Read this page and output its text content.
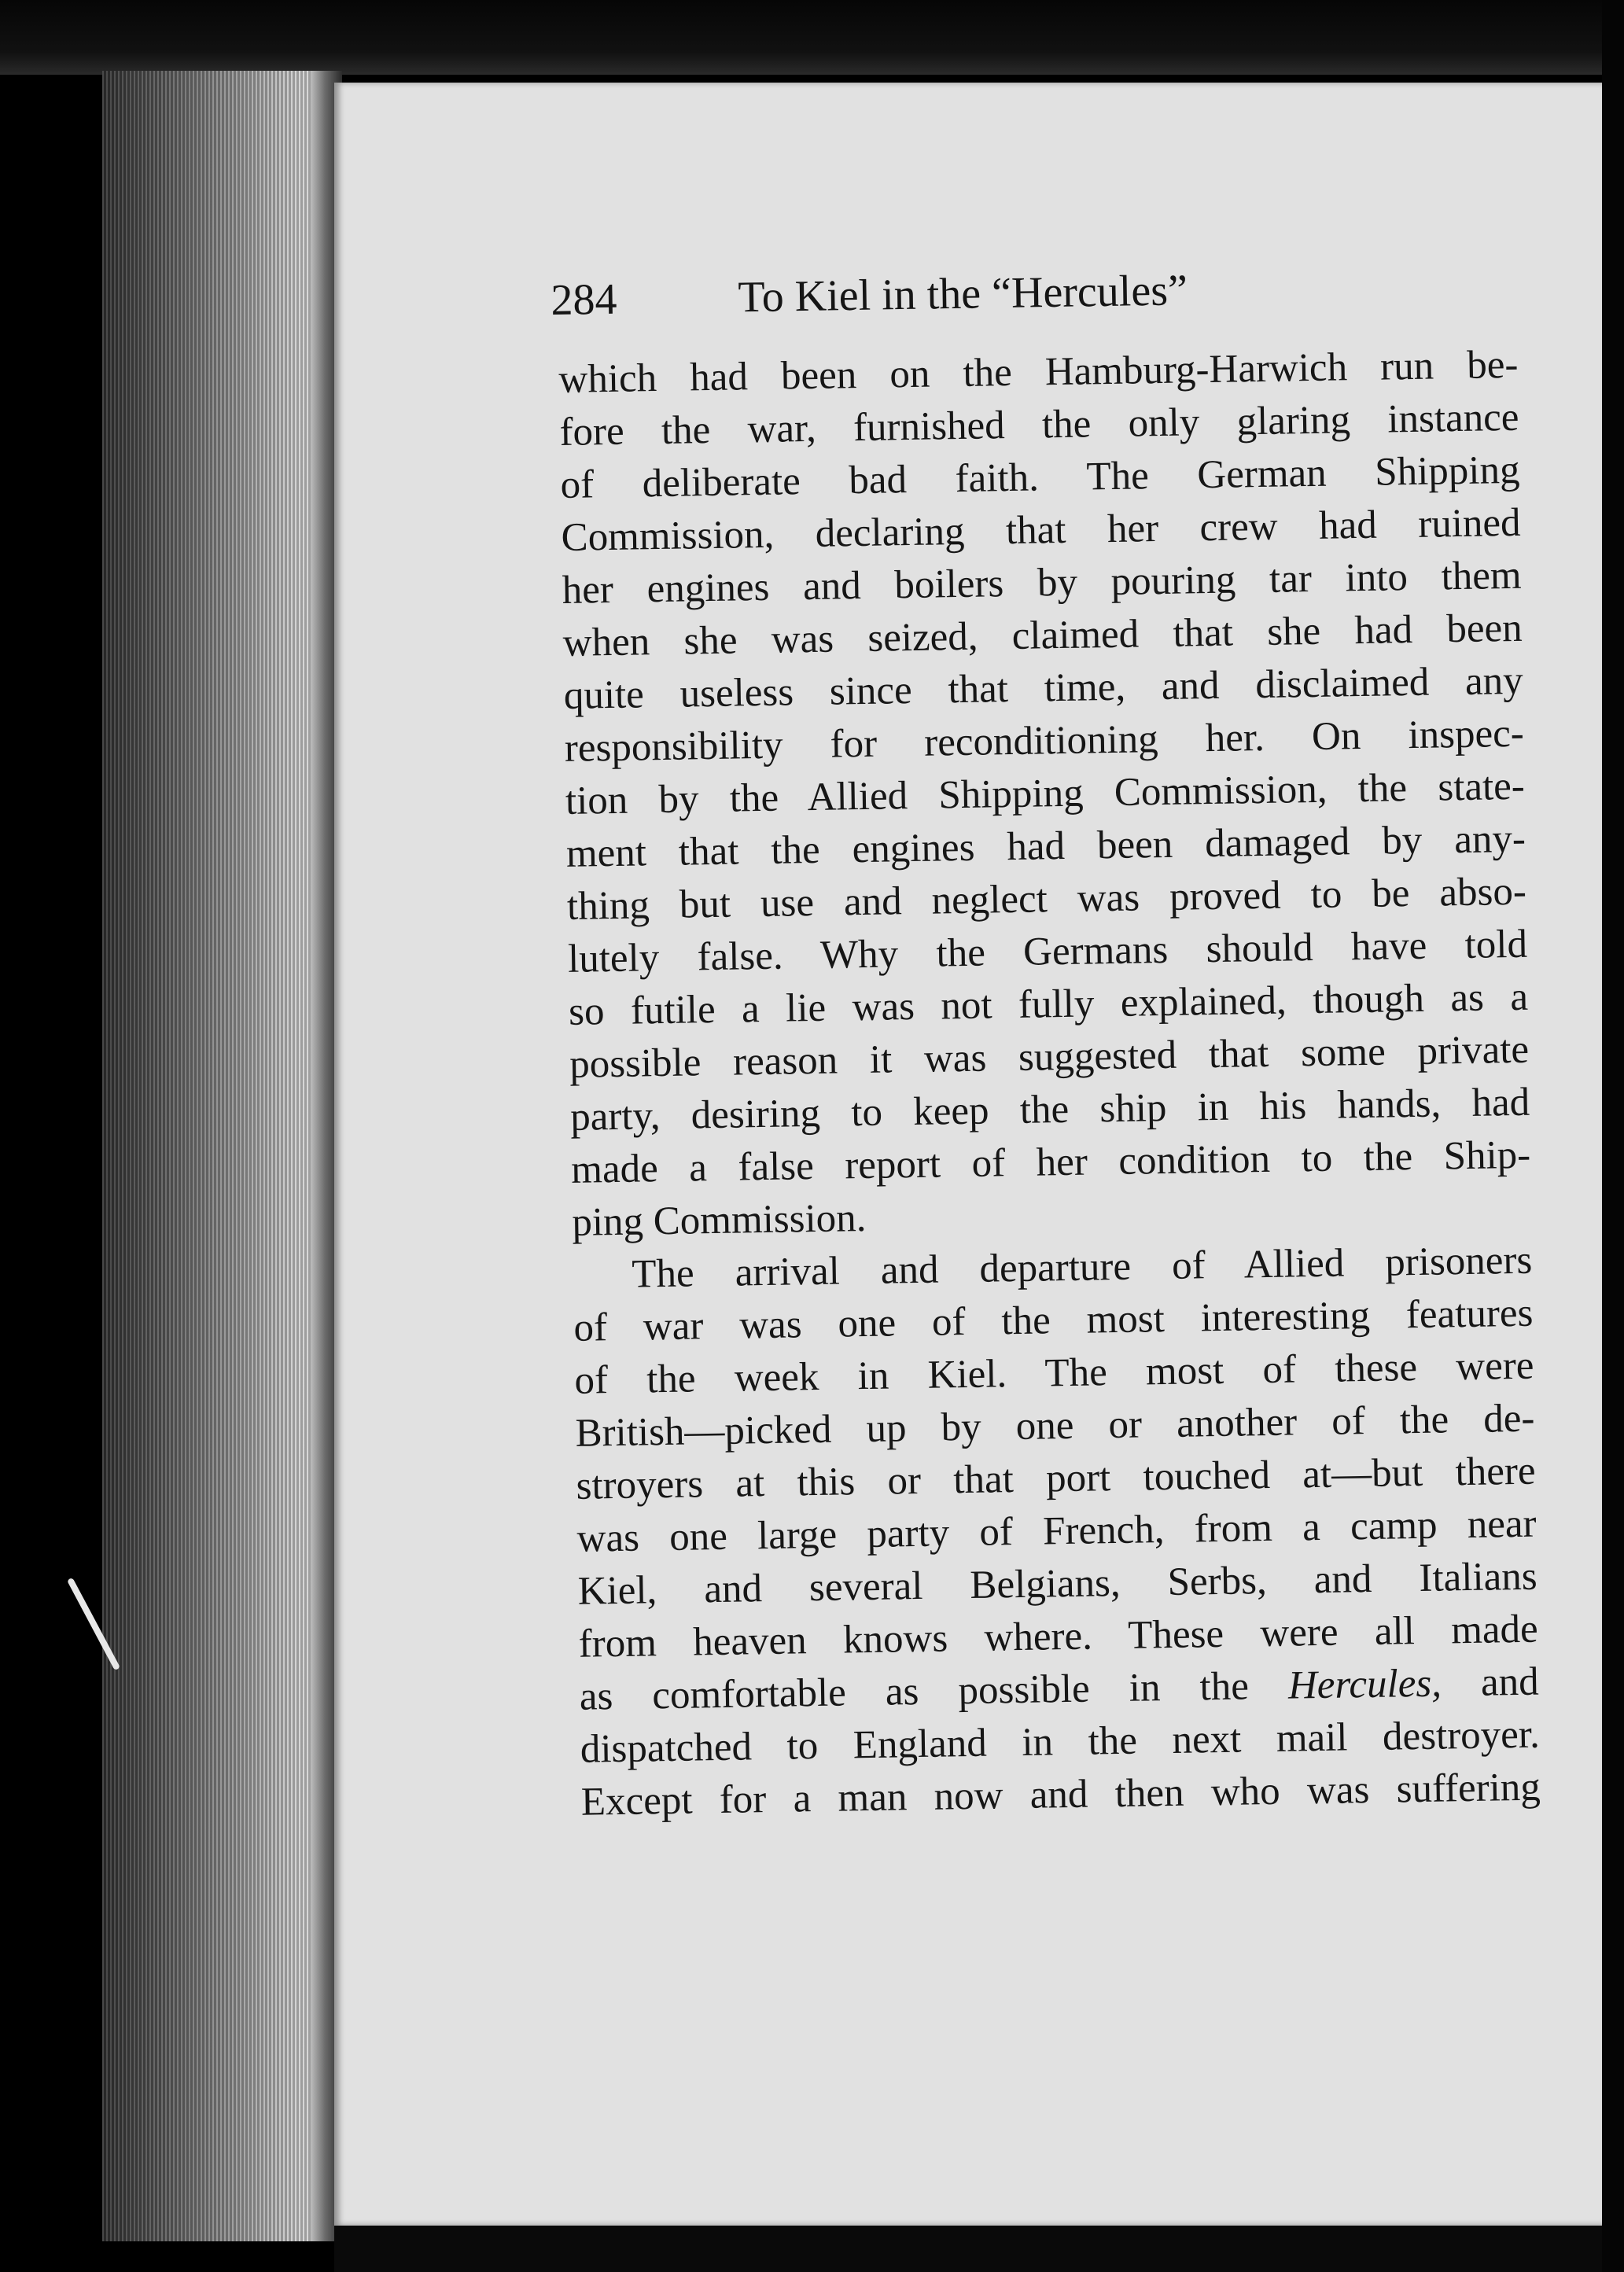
284	To Kiel in the “Hercules”
which had been on the Hamburg-Harwich run be-
fore the war, furnished the only glaring instance
of deliberate bad faith. The German Shipping
Commission, declaring that her crew had ruined
her engines and boilers by pouring tar into them
when she was seized, claimed that she had been
quite useless since that time, and disclaimed any
responsibility for reconditioning her. On inspec-
tion by the Allied Shipping Commission, the state-
ment that the engines had been damaged by any-
thing but use and neglect was proved to be abso-
lutely false. Why the Germans should have told
so futile a lie was not fully explained, though as a
possible reason it was suggested that some private
party, desiring to keep the ship in his hands, had
made a false report of her condition to the Ship-
ping Commission.
The arrival and departure of Allied prisoners
of war was one of the most interesting features
of the week in Kiel. The most of these were
British—picked up by one or another of the de-
stroyers at this or that port touched at—but there
was one large party of French, from a camp near
Kiel, and several Belgians, Serbs, and Italians
from heaven knows where. These were all made
as comfortable as possible in the Hercules, and
dispatched to England in the next mail destroyer.
Except for a man now and then who was suffering
